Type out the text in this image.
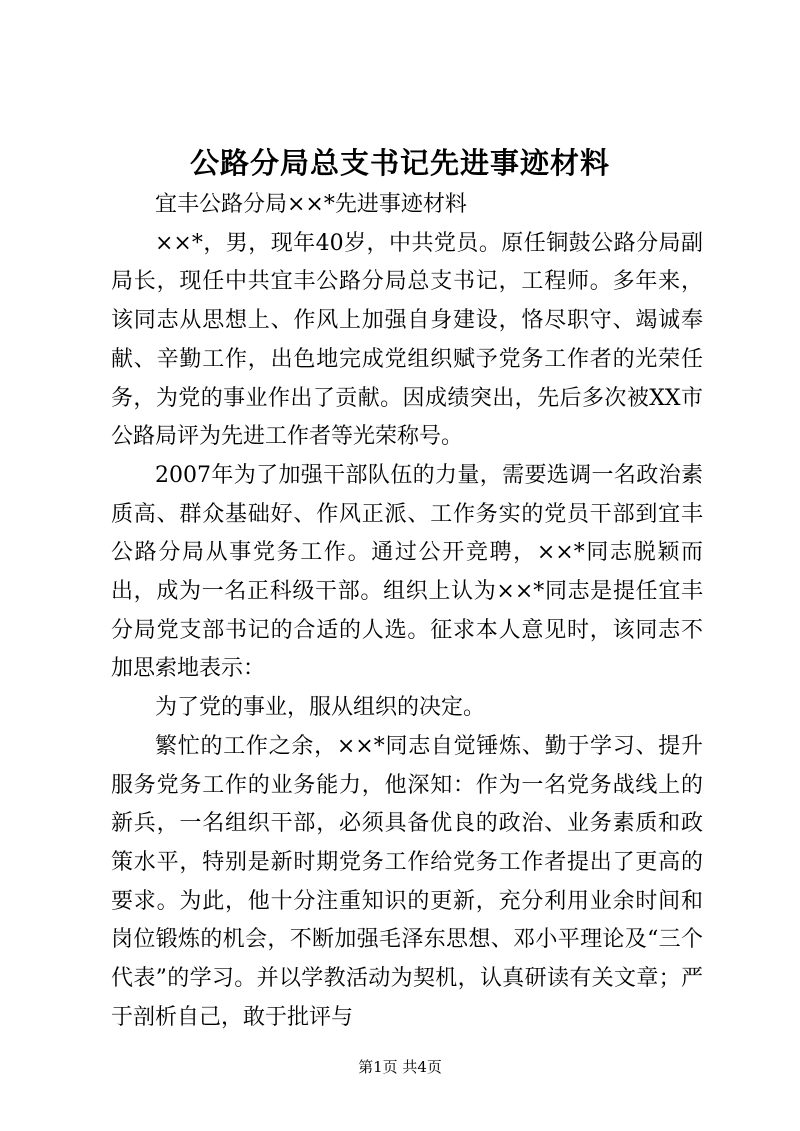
公路分局总支书记先进事迹材料

宜丰公路分局××*先进事迹材料

××*，男，现年40岁，中共党员。原任铜鼓公路分局副局长，现任中共宜丰公路分局总支书记，工程师。多年来，该同志从思想上、作风上加强自身建设，恪尽职守、竭诚奉献、辛勤工作，出色地完成党组织赋予党务工作者的光荣任务，为党的事业作出了贡献。因成绩突出，先后多次被XX市公路局评为先进工作者等光荣称号。

2007年为了加强干部队伍的力量，需要选调一名政治素质高、群众基础好、作风正派、工作务实的党员干部到宜丰公路分局从事党务工作。通过公开竞聘，××*同志脱颖而出，成为一名正科级干部。组织上认为××*同志是提任宜丰分局党支部书记的合适的人选。征求本人意见时，该同志不加思索地表示：

为了党的事业，服从组织的决定。

繁忙的工作之余，××*同志自觉锤炼、勤于学习、提升服务党务工作的业务能力，他深知：作为一名党务战线上的新兵，一名组织干部，必须具备优良的政治、业务素质和政策水平，特别是新时期党务工作给党务工作者提出了更高的要求。为此，他十分注重知识的更新，充分利用业余时间和岗位锻炼的机会，不断加强毛泽东思想、邓小平理论及“三个代表”的学习。并以学教活动为契机，认真研读有关文章；严于剖析自己，敢于批评与

第1页 共4页
